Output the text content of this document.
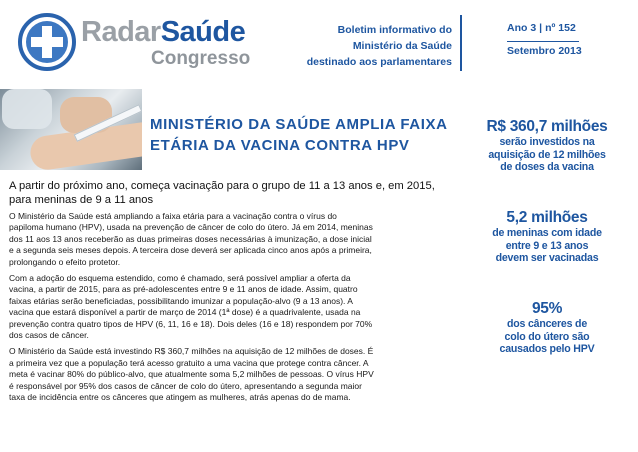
RadarSaúde
Congresso
Boletim informativo do
Ministério da Saúde
destinado aos parlamentares
Ano 3 | nº 152
Setembro 2013
MINISTÉRIO DA SAÚDE AMPLIA FAIXA
ETÁRIA DA VACINA CONTRA HPV
A partir do próximo ano, começa vacinação para o grupo de 11 a 13 anos e, em 2015,
para meninas de 9 a 11 anos

O Ministério da Saúde está ampliando a faixa etária para a vacinação contra o vírus do
papiloma humano (HPV), usada na prevenção de câncer de colo do útero. Já em 2014, meninas
dos 11 aos 13 anos receberão as duas primeiras doses necessárias à imunização, a dose inicial
e a segunda seis meses depois. A terceira dose deverá ser aplicada cinco anos após a primeira,
prolongando o efeito protetor.

Com a adoção do esquema estendido, como é chamado, será possível ampliar a oferta da
vacina, a partir de 2015, para as pré-adolescentes entre 9 e 11 anos de idade. Assim, quatro
faixas etárias serão beneficiadas, possibilitando imunizar a população-alvo (9 a 13 anos). A
vacina que estará disponível a partir de março de 2014 (1ª dose) é a quadrivalente, usada na
prevenção contra quatro tipos de HPV (6, 11, 16 e 18). Dois deles (16 e 18) respondem por 70%
dos casos de câncer.

O Ministério da Saúde está investindo R$ 360,7 milhões na aquisição de 12 milhões de doses. É
a primeira vez que a população terá acesso gratuito a uma vacina que protege contra câncer. A
meta é vacinar 80% do público-alvo, que atualmente soma 5,2 milhões de pessoas. O vírus HPV
é responsável por 95% dos casos de câncer de colo do útero, apresentando a segunda maior
taxa de incidência entre os cânceres que atingem as mulheres, atrás apenas do de mama.

R$ 360,7 milhões
serão investidos na
aquisição de 12 milhões
de doses da vacina
5,2 milhões
de meninas com idade
entre 9 e 13 anos
devem ser vacinadas
95%
dos cânceres de
colo do útero são
causados pelo HPV
